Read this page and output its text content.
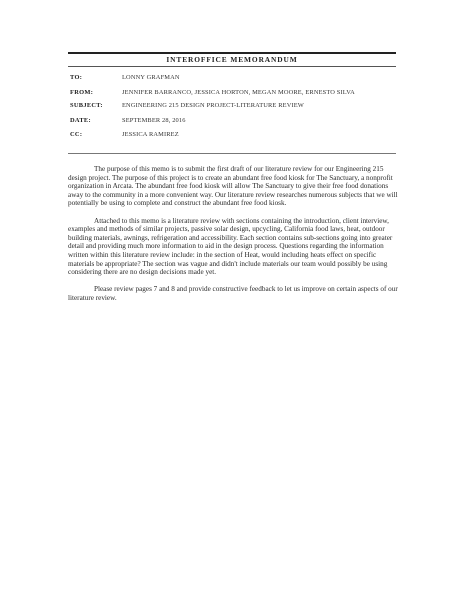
INTEROFFICE MEMORANDUM
TO:	LONNY GRAFMAN
FROM:	JENNIFER BARRANCO, JESSICA HORTON, MEGAN MOORE, ERNESTO SILVA
SUBJECT:	ENGINEERING 215 DESIGN PROJECT-LITERATURE REVIEW
DATE:	SEPTEMBER 28, 2016
CC:	JESSICA RAMIREZ

The purpose of this memo is to submit the first draft of our literature review for our Engineering 215 design project. The purpose of this project is to create an abundant free food kiosk for The Sanctuary, a nonprofit organization in Arcata. The abundant free food kiosk will allow The Sanctuary to give their free food donations away to the community in a more convenient way. Our literature review researches numerous subjects that we will potentially be using to complete and construct the abundant free food kiosk.

Attached to this memo is a literature review with sections containing the introduction, client interview, examples and methods of similar projects, passive solar design, upcycling, California food laws, heat, outdoor building materials, awnings, refrigeration and accessibility. Each section contains sub-sections going into greater detail and providing much more information to aid in the design process. Questions regarding the information written within this literature review include: in the section of Heat, would including heats effect on specific materials be appropriate? The section was vague and didn't include materials our team would possibly be using considering there are no design decisions made yet.

Please review pages 7 and 8 and provide constructive feedback to let us improve on certain aspects of our literature review.
